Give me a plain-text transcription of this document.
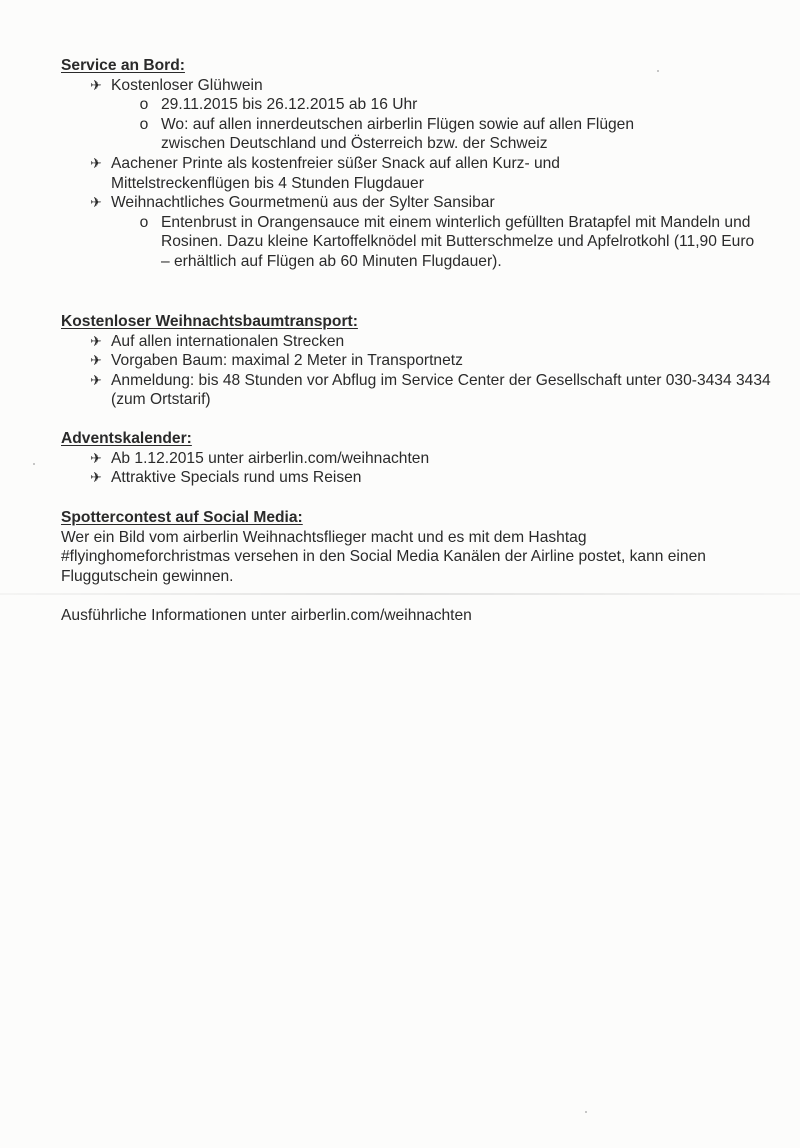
Service an Bord:

✈ Kostenloser Glühwein
o 29.11.2015 bis 26.12.2015 ab 16 Uhr
o Wo: auf allen innerdeutschen airberlin Flügen sowie auf allen Flügen zwischen Deutschland und Österreich bzw. der Schweiz
✈ Aachener Printe als kostenfreier süßer Snack auf allen Kurz- und Mittelstreckenflügen bis 4 Stunden Flugdauer
✈ Weihnachtliches Gourmetmenü aus der Sylter Sansibar
o Entenbrust in Orangensauce mit einem winterlich gefüllten Bratapfel mit Mandeln und Rosinen. Dazu kleine Kartoffelknödel mit Butterschmelze und Apfelrotkohl (11,90 Euro – erhältlich auf Flügen ab 60 Minuten Flugdauer).

Kostenloser Weihnachtsbaumtransport:

✈ Auf allen internationalen Strecken
✈ Vorgaben Baum: maximal 2 Meter in Transportnetz
✈ Anmeldung: bis 48 Stunden vor Abflug im Service Center der Gesellschaft unter 030-3434 3434 (zum Ortstarif)

Adventskalender:

✈ Ab 1.12.2015 unter airberlin.com/weihnachten
✈ Attraktive Specials rund ums Reisen

Spottercontest auf Social Media:

Wer ein Bild vom airberlin Weihnachtsflieger macht und es mit dem Hashtag #flyinghomeforchristmas versehen in den Social Media Kanälen der Airline postet, kann einen Fluggutschein gewinnen.

Ausführliche Informationen unter airberlin.com/weihnachten
